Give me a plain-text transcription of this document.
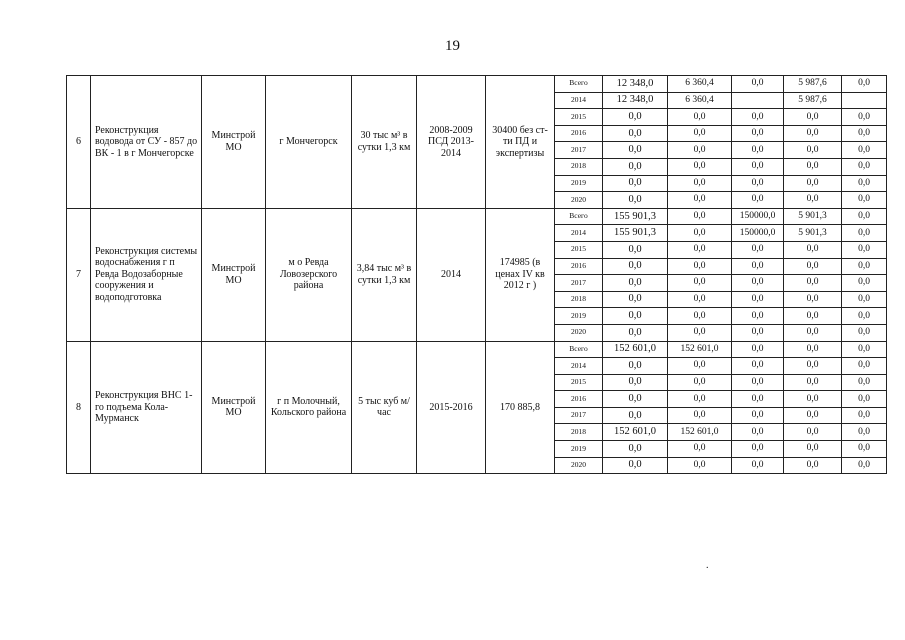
19
6	Реконструкция водовода от СУ - 857 до ВК - 1 в г Мончегорске	Минстрой МО	г Мончегорск	30 тыс м³ в сутки 1,3 км	2008-2009 ПСД 2013-2014	30400 без ст-ти ПД и экспертизы	Всего	12 348,0	6 360,4	0,0	5 987,6	0,0
							2014	12 348,0	6 360,4		5 987,6	
							2015	0,0	0,0	0,0	0,0	0,0
							2016	0,0	0,0	0,0	0,0	0,0
							2017	0,0	0,0	0,0	0,0	0,0
							2018	0,0	0,0	0,0	0,0	0,0
							2019	0,0	0,0	0,0	0,0	0,0
							2020	0,0	0,0	0,0	0,0	0,0
7	Реконструкция системы водоснабжения г п Ревда Водозаборные сооружения и водоподготовка	Минстрой МО	м о Ревда Ловозерского района	3,84 тыс м³ в сутки 1,3 км	2014	174985 (в ценах IV кв 2012 г )	Всего	155 901,3	0,0	150000,0	5 901,3	0,0
							2014	155 901,3	0,0	150000,0	5 901,3	0,0
							2015	0,0	0,0	0,0	0,0	0,0
							2016	0,0	0,0	0,0	0,0	0,0
							2017	0,0	0,0	0,0	0,0	0,0
							2018	0,0	0,0	0,0	0,0	0,0
							2019	0,0	0,0	0,0	0,0	0,0
							2020	0,0	0,0	0,0	0,0	0,0
8	Реконструкция ВНС 1-го подъема Кола-Мурманск	Минстрой МО	г п Молочный, Кольского района	5 тыс куб м/час	2015-2016	170 885,8	Всего	152 601,0	152 601,0	0,0	0,0	0,0
							2014	0,0	0,0	0,0	0,0	0,0
							2015	0,0	0,0	0,0	0,0	0,0
							2016	0,0	0,0	0,0	0,0	0,0
							2017	0,0	0,0	0,0	0,0	0,0
							2018	152 601,0	152 601,0	0,0	0,0	0,0
							2019	0,0	0,0	0,0	0,0	0,0
							2020	0,0	0,0	0,0	0,0	0,0
.
